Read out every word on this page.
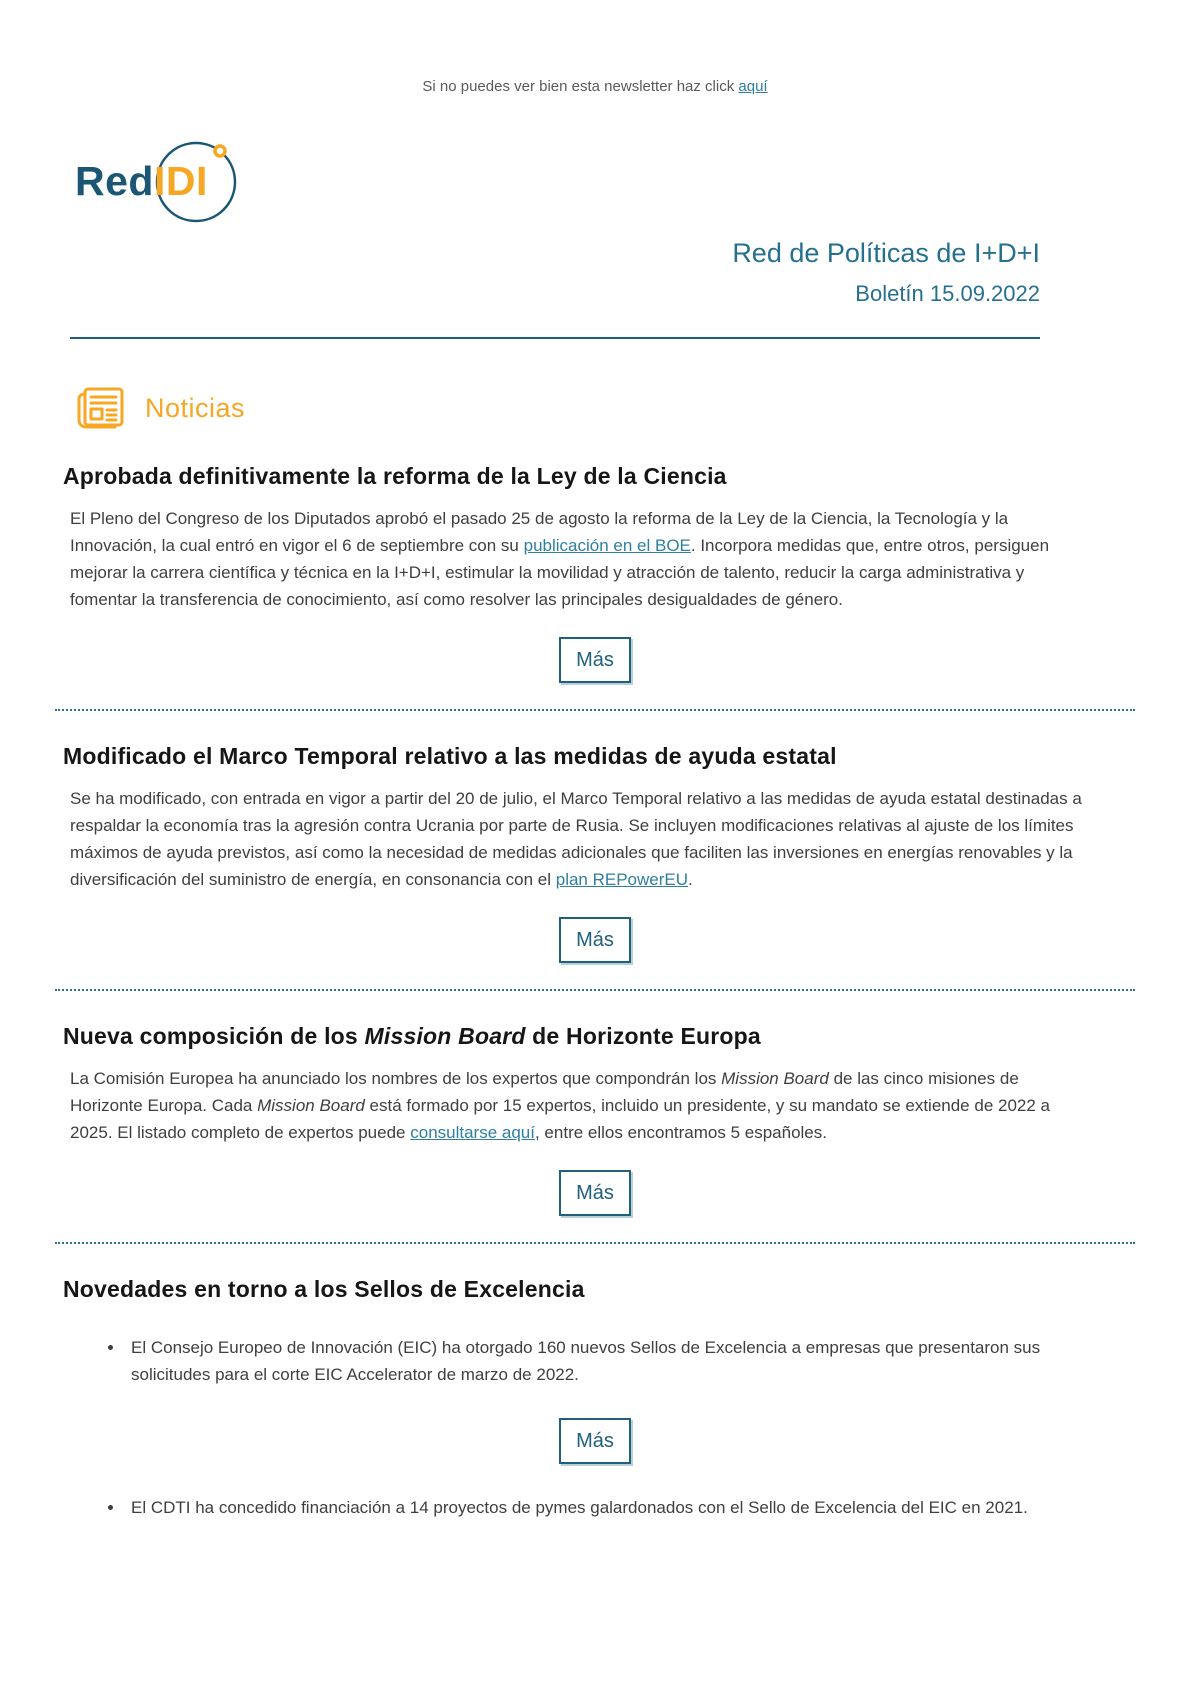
Si no puedes ver bien esta newsletter haz click aquí

RedIDI
Red de Políticas de I+D+I
Boletín 15.09.2022
Noticias
Aprobada definitivamente la reforma de la Ley de la Ciencia

El Pleno del Congreso de los Diputados aprobó el pasado 25 de agosto la reforma de la Ley de la Ciencia, la Tecnología y la Innovación, la cual entró en vigor el 6 de septiembre con su publicación en el BOE. Incorpora medidas que, entre otros, persiguen mejorar la carrera científica y técnica en la I+D+I, estimular la movilidad y atracción de talento, reducir la carga administrativa y fomentar la transferencia de conocimiento, así como resolver las principales desigualdades de género.

Más
Modificado el Marco Temporal relativo a las medidas de ayuda estatal

Se ha modificado, con entrada en vigor a partir del 20 de julio, el Marco Temporal relativo a las medidas de ayuda estatal destinadas a respaldar la economía tras la agresión contra Ucrania por parte de Rusia. Se incluyen modificaciones relativas al ajuste de los límites máximos de ayuda previstos, así como la necesidad de medidas adicionales que faciliten las inversiones en energías renovables y la diversificación del suministro de energía, en consonancia con el plan REPowerEU.

Más
Nueva composición de los Mission Board de Horizonte Europa

La Comisión Europea ha anunciado los nombres de los expertos que compondrán los Mission Board de las cinco misiones de Horizonte Europa. Cada Mission Board está formado por 15 expertos, incluido un presidente, y su mandato se extiende de 2022 a 2025. El listado completo de expertos puede consultarse aquí, entre ellos encontramos 5 españoles.

Más
Novedades en torno a los Sellos de Excelencia
• El Consejo Europeo de Innovación (EIC) ha otorgado 160 nuevos Sellos de Excelencia a empresas que presentaron sus solicitudes para el corte EIC Accelerator de marzo de 2022.
Más
• El CDTI ha concedido financiación a 14 proyectos de pymes galardonados con el Sello de Excelencia del EIC en 2021.
